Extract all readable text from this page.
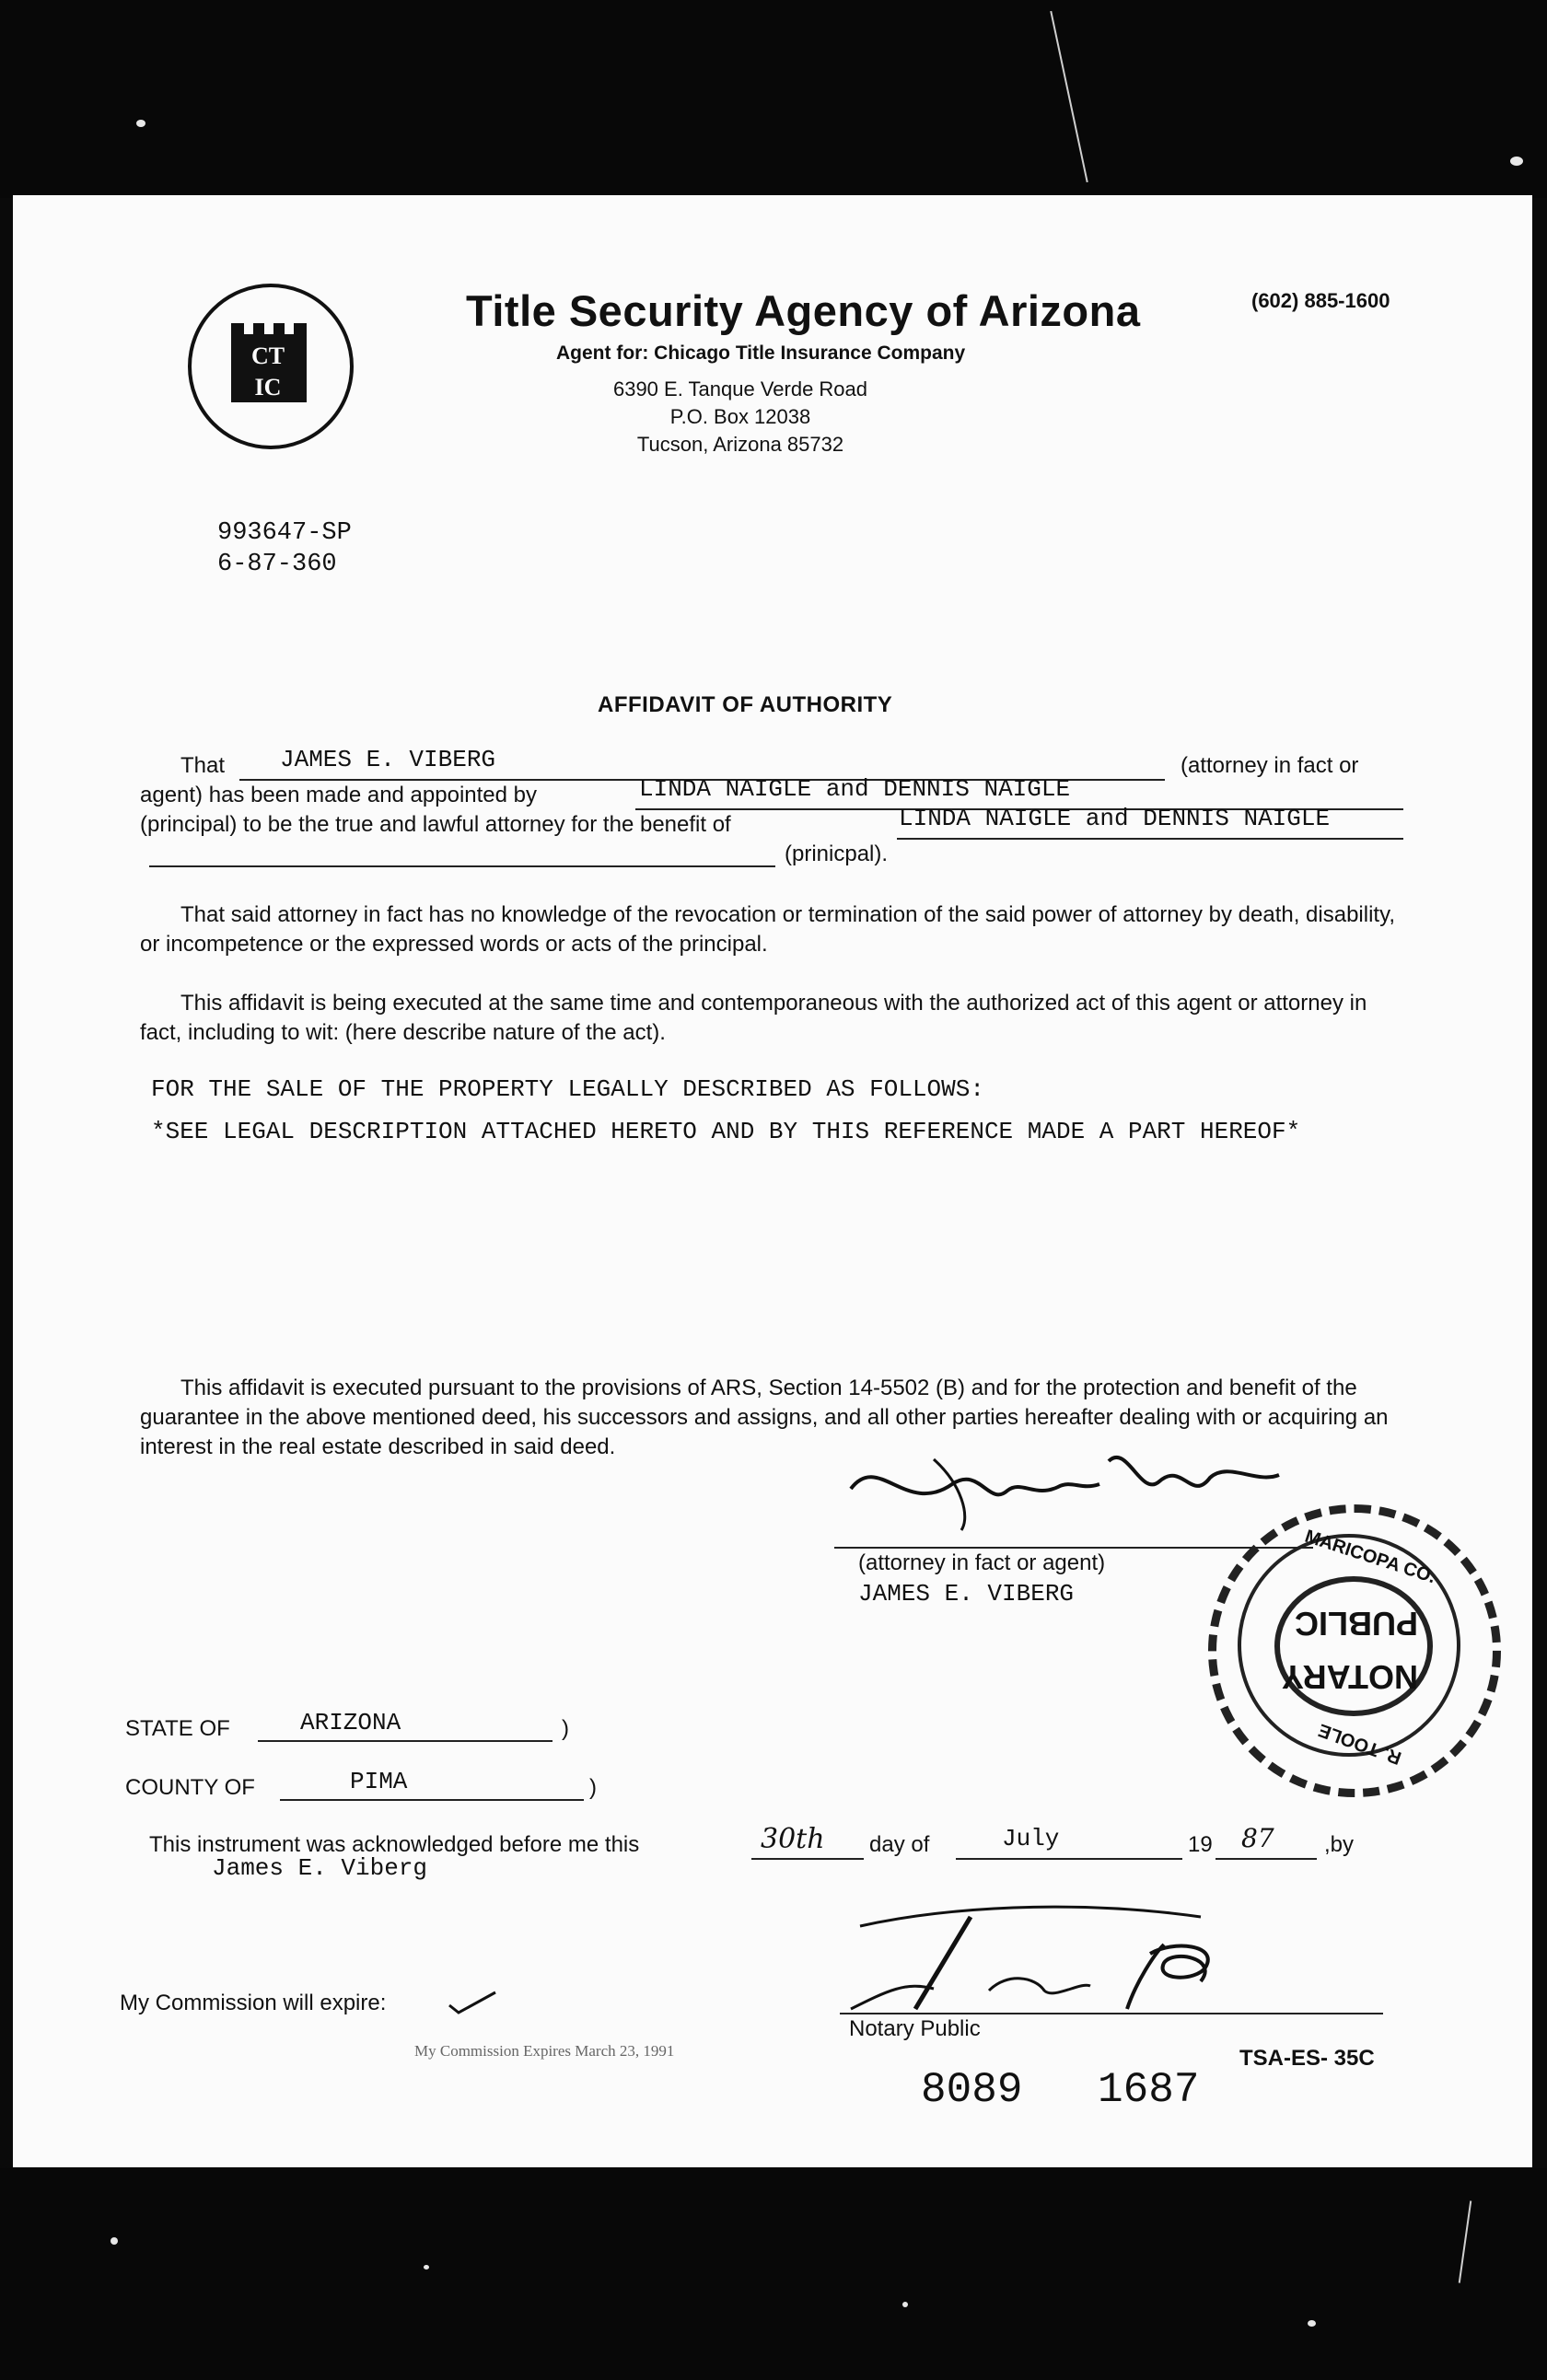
CT
IC
Title Security Agency of Arizona
Agent for: Chicago Title Insurance Company
6390 E. Tanque Verde Road
P.O. Box 12038
Tucson, Arizona 85732
(602) 885-1600
993647-SP
6-87-360
AFFIDAVIT OF AUTHORITY
That JAMES E. VIBERG	(attorney in fact or
agent) has been made and appointed by	LINDA NAIGLE and DENNIS NAIGLE
(principal) to be the true and lawful attorney for the benefit of	LINDA NAIGLE and DENNIS NAIGLE
(prinicpal).
That said attorney in fact has no knowledge of the revocation or termination of the said power of attorney by death, disability, or incompetence or the expressed words or acts of the principal.
This affidavit is being executed at the same time and contemporaneous with the authorized act of this agent or attorney in fact, including to wit: (here describe nature of the act).
FOR THE SALE OF THE PROPERTY LEGALLY DESCRIBED AS FOLLOWS:
*SEE LEGAL DESCRIPTION ATTACHED HERETO AND BY THIS REFERENCE MADE A PART HEREOF*
This affidavit is executed pursuant to the provisions of ARS, Section 14-5502 (B) and for the protection and benefit of the guarantee in the above mentioned deed, his successors and assigns, and all other parties hereafter dealing with or acquiring an interest in the real estate described in said deed.
(attorney in fact or agent)
JAMES E. VIBERG
MARICOPA CO.
PUBLIC
NOTARY
R. TOOLE
STATE OF	ARIZONA	)
COUNTY OF	PIMA	)
This instrument was acknowledged before me this	30th day of	July	19 87 ,by
James E. Viberg
My Commission will expire:
My Commission Expires March 23, 1991
Notary Public
TSA-ES- 35C
8089 1687
